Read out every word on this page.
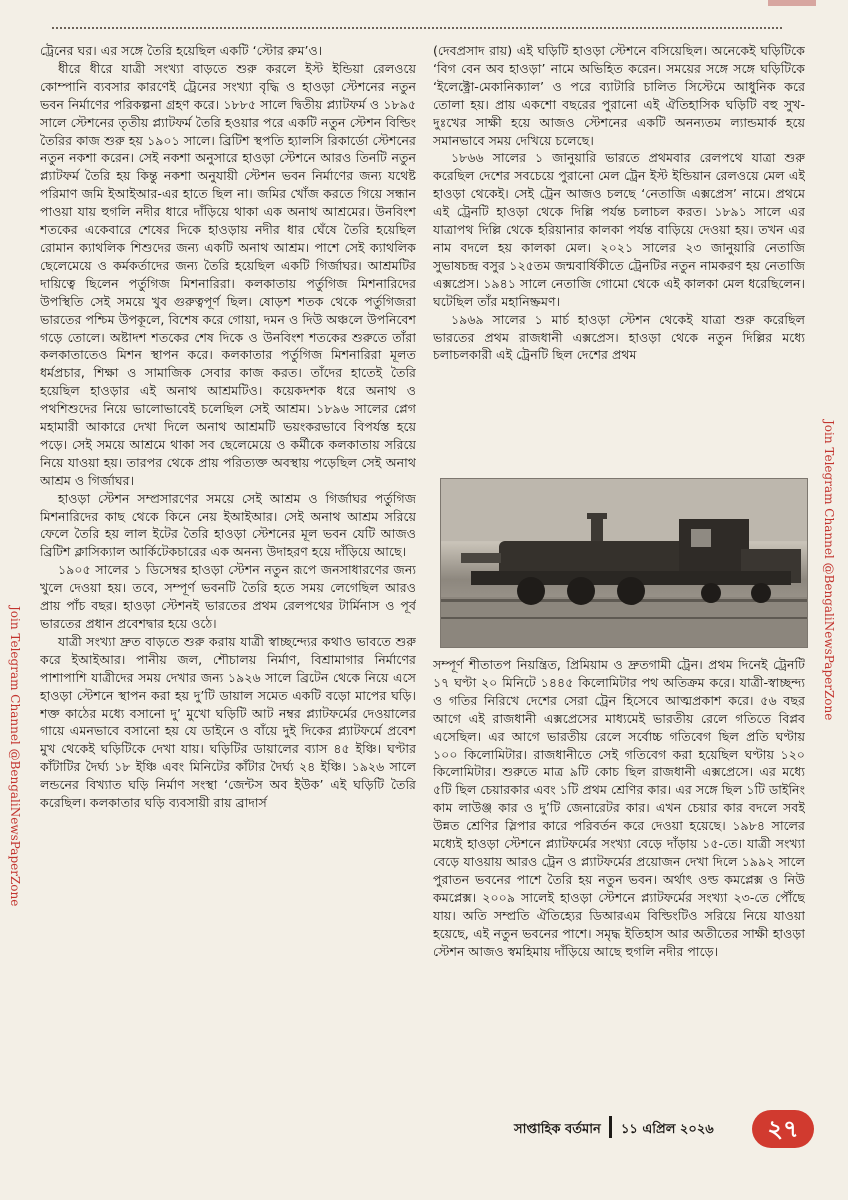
ট্রেনের ঘর। এর সঙ্গে তৈরি হয়েছিল একটি ‘স্টোর রুম’ও।

ধীরে ধীরে যাত্রী সংখ্যা বাড়তে শুরু করলে ইস্ট ইন্ডিয়া রেলওয়ে কোম্পানি ব্যবসার কারণেই ট্রেনের সংখ্যা বৃদ্ধি ও হাওড়া স্টেশনের নতুন ভবন নির্মাণের পরিকল্পনা গ্রহণ করে। ১৮৮৫ সালে দ্বিতীয় প্ল্যাটফর্ম ও ১৮৯৫ সালে স্টেশনের তৃতীয় প্ল্যাটফর্ম তৈরি হওয়ার পরে একটি নতুন স্টেশন বিল্ডিং তৈরির কাজ শুরু হয় ১৯০১ সালে। ব্রিটিশ স্থপতি হ্যালসি রিকার্ডো স্টেশনের নতুন নকশা করেন। সেই নকশা অনুসারে হাওড়া স্টেশনে আরও তিনটি নতুন প্ল্যাটফর্ম তৈরি হয় কিন্তু নকশা অনুযায়ী স্টেশন ভবন নির্মাণের জন্য যথেষ্ট পরিমাণ জমি ইআইআর-এর হাতে ছিল না। জমির খোঁজ করতে গিয়ে সন্ধান পাওয়া যায় হুগলি নদীর ধারে দাঁড়িয়ে থাকা এক অনাথ আশ্রমের। উনবিংশ শতকের একেবারে শেষের দিকে হাওড়ায় নদীর ধার ঘেঁষে তৈরি হয়েছিল রোমান ক্যাথলিক শিশুদের জন্য একটি অনাথ আশ্রম। পাশে সেই ক্যাথলিক ছেলেমেয়ে ও কর্মকর্তাদের জন্য তৈরি হয়েছিল একটি গির্জাঘর। আশ্রমটির দায়িত্বে ছিলেন পর্তুগিজ মিশনারিরা। কলকাতায় পর্তুগিজ মিশনারিদের উপস্থিতি সেই সময়ে খুব গুরুত্বপূর্ণ ছিল। ষোড়শ শতক থেকে পর্তুগিজরা ভারতের পশ্চিম উপকূলে, বিশেষ করে গোয়া, দমন ও দিউ অঞ্চলে উপনিবেশ গড়ে তোলে। অষ্টাদশ শতকের শেষ দিকে ও উনবিংশ শতকের শুরুতে তাঁরা কলকাতাতেও মিশন স্থাপন করে। কলকাতার পর্তুগিজ মিশনারিরা মূলত ধর্মপ্রচার, শিক্ষা ও সামাজিক সেবার কাজ করত। তাঁদের হাতেই তৈরি হয়েছিল হাওড়ার এই অনাথ আশ্রমটিও। কয়েকদশক ধরে অনাথ ও পথশিশুদের নিয়ে ভালোভাবেই চলেছিল সেই আশ্রম। ১৮৯৬ সালের প্লেগ মহামারী আকারে দেখা দিলে অনাথ আশ্রমটি ভয়ংকরভাবে বিপর্যস্ত হয়ে পড়ে। সেই সময়ে আশ্রমে থাকা সব ছেলেমেয়ে ও কর্মীকে কলকাতায় সরিয়ে নিয়ে যাওয়া হয়। তারপর থেকে প্রায় পরিত্যক্ত অবস্থায় পড়েছিল সেই অনাথ আশ্রম ও গির্জাঘর।

হাওড়া স্টেশন সম্প্রসারণের সময়ে সেই আশ্রম ও গির্জাঘর পর্তুগিজ মিশনারিদের কাছ থেকে কিনে নেয় ইআইআর। সেই অনাথ আশ্রম সরিয়ে ফেলে তৈরি হয় লাল ইটের তৈরি হাওড়া স্টেশনের মূল ভবন যেটি আজও ব্রিটিশ ক্লাসিক্যাল আর্কিটেকচারের এক অনন্য উদাহরণ হয়ে দাঁড়িয়ে আছে।

১৯০৫ সালের ১ ডিসেম্বর হাওড়া স্টেশন নতুন রূপে জনসাধারণের জন্য খুলে দেওয়া হয়। তবে, সম্পূর্ণ ভবনটি তৈরি হতে সময় লেগেছিল আরও প্রায় পাঁচ বছর। হাওড়া স্টেশনই ভারতের প্রথম রেলপথের টার্মিনাস ও পূর্ব ভারতের প্রধান প্রবেশদ্বার হয়ে ওঠে।

যাত্রী সংখ্যা দ্রুত বাড়তে শুরু করায় যাত্রী স্বাচ্ছন্দ্যের কথাও ভাবতে শুরু করে ইআইআর। পানীয় জল, শৌচালয় নির্মাণ, বিশ্রামাগার নির্মাণের পাশাপাশি যাত্রীদের সময় দেখার জন্য ১৯২৬ সালে ব্রিটেন থেকে নিয়ে এসে হাওড়া স্টেশনে স্থাপন করা হয় দু’টি ডায়াল সমেত একটি বড়ো মাপের ঘড়ি। শক্ত কাঠের মধ্যে বসানো দু’ মুখো ঘড়িটি আট নম্বর প্ল্যাটফর্মের দেওয়ালের গায়ে এমনভাবে বসানো হয় যে ডাইনে ও বাঁয়ে দুই দিকের প্ল্যাটফর্মে প্রবেশ মুখ থেকেই ঘড়িটিকে দেখা যায়। ঘড়িটির ডায়ালের ব্যাস ৪৫ ইঞ্চি। ঘণ্টার কাঁটাটির দৈর্ঘ্য ১৮ ইঞ্চি এবং মিনিটের কাঁটার দৈর্ঘ্য ২৪ ইঞ্চি। ১৯২৬ সালে লন্ডনের বিখ্যাত ঘড়ি নির্মাণ সংস্থা ‘জেন্টস অব ইউক’ এই ঘড়িটি তৈরি করেছিল। কলকাতার ঘড়ি ব্যবসায়ী রায় ব্রাদার্স

(দেবপ্রসাদ রায়) এই ঘড়িটি হাওড়া স্টেশনে বসিয়েছিল। অনেকেই ঘড়িটিকে ‘বিগ বেন অব হাওড়া’ নামে অভিহিত করেন। সময়ের সঙ্গে সঙ্গে ঘড়িটিকে ‘ইলেক্ট্রো-মেকানিক্যাল’ ও পরে ব্যাটারি চালিত সিস্টেমে আধুনিক করে তোলা হয়। প্রায় একশো বছরের পুরানো এই ঐতিহাসিক ঘড়িটি বহু সুখ-দুঃখের সাক্ষী হয়ে আজও স্টেশনের একটি অনন্যতম ল্যান্ডমার্ক হয়ে সমানভাবে সময় দেখিয়ে চলেছে।

১৮৬৬ সালের ১ জানুয়ারি ভারতে প্রথমবার রেলপথে যাত্রা শুরু করেছিল দেশের সবচেয়ে পুরানো মেল ট্রেন ইস্ট ইন্ডিয়ান রেলওয়ে মেল এই হাওড়া থেকেই। সেই ট্রেন আজও চলছে ‘নেতাজি এক্সপ্রেস’ নামে। প্রথমে এই ট্রেনটি হাওড়া থেকে দিল্লি পর্যন্ত চলাচল করত। ১৮৯১ সালে এর যাত্রাপথ দিল্লি থেকে হরিয়ানার কালকা পর্যন্ত বাড়িয়ে দেওয়া হয়। তখন এর নাম বদলে হয় কালকা মেল। ২০২১ সালের ২৩ জানুয়ারি নেতাজি সুভাষচন্দ্র বসুর ১২৫তম জন্মবার্ষিকীতে ট্রেনটির নতুন নামকরণ হয় নেতাজি এক্সপ্রেস। ১৯৪১ সালে নেতাজি গোমো থেকে এই কালকা মেল ধরেছিলেন। ঘটেছিল তাঁর মহানিষ্ক্রমণ।

১৯৬৯ সালের ১ মার্চ হাওড়া স্টেশন থেকেই যাত্রা শুরু করেছিল ভারতের প্রথম রাজধানী এক্সপ্রেস। হাওড়া থেকে নতুন দিল্লির মধ্যে চলাচলকারী এই ট্রেনটি ছিল দেশের প্রথম

সম্পূর্ণ শীতাতপ নিয়ন্ত্রিত, প্রিমিয়াম ও দ্রুতগামী ট্রেন। প্রথম দিনেই ট্রেনটি ১৭ ঘণ্টা ২০ মিনিটে ১৪৪৫ কিলোমিটার পথ অতিক্রম করে। যাত্রী-স্বাচ্ছন্দ্য ও গতির নিরিখে দেশের সেরা ট্রেন হিসেবে আত্মপ্রকাশ করে। ৫৬ বছর আগে এই রাজধানী এক্সপ্রেসের মাধ্যমেই ভারতীয় রেলে গতিতে বিপ্লব এসেছিল। এর আগে ভারতীয় রেলে সর্বোচ্চ গতিবেগ ছিল প্রতি ঘণ্টায় ১০০ কিলোমিটার। রাজধানীতে সেই গতিবেগ করা হয়েছিল ঘণ্টায় ১২০ কিলোমিটার। শুরুতে মাত্র ৯টি কোচ ছিল রাজধানী এক্সপ্রেসে। এর মধ্যে ৫টি ছিল চেয়ারকার এবং ১টি প্রথম শ্রেণির কার। এর সঙ্গে ছিল ১টি ডাইনিং কাম লাউঞ্জ কার ও দু’টি জেনারেটর কার। এখন চেয়ার কার বদলে সবই উন্নত শ্রেণির স্লিপার কারে পরিবর্তন করে দেওয়া হয়েছে। ১৯৮৪ সালের মধ্যেই হাওড়া স্টেশনে প্ল্যাটফর্মের সংখ্যা বেড়ে দাঁড়ায় ১৫-তে। যাত্রী সংখ্যা বেড়ে যাওয়ায় আরও ট্রেন ও প্ল্যাটফর্মের প্রয়োজন দেখা দিলে ১৯৯২ সালে পুরাতন ভবনের পাশে তৈরি হয় নতুন ভবন। অর্থাৎ ওল্ড কমপ্লেক্স ও নিউ কমপ্লেক্স। ২০০৯ সালেই হাওড়া স্টেশনে প্ল্যাটফর্মের সংখ্যা ২৩-তে পৌঁছে যায়। অতি সম্প্রতি ঐতিহ্যের ডিআরএম বিল্ডিংটিও সরিয়ে নিয়ে যাওয়া হয়েছে, এই নতুন ভবনের পাশে। সমৃদ্ধ ইতিহাস আর অতীতের সাক্ষী হাওড়া স্টেশন আজও স্বমহিমায় দাঁড়িয়ে আছে হুগলি নদীর পাড়ে।

Join Telegram Channel @BengaliNewsPaperZone
Join Telegram Channel @BengaliNewsPaperZone
সাপ্তাহিক বর্তমান ১১ এপ্রিল ২০২৬	২৭
